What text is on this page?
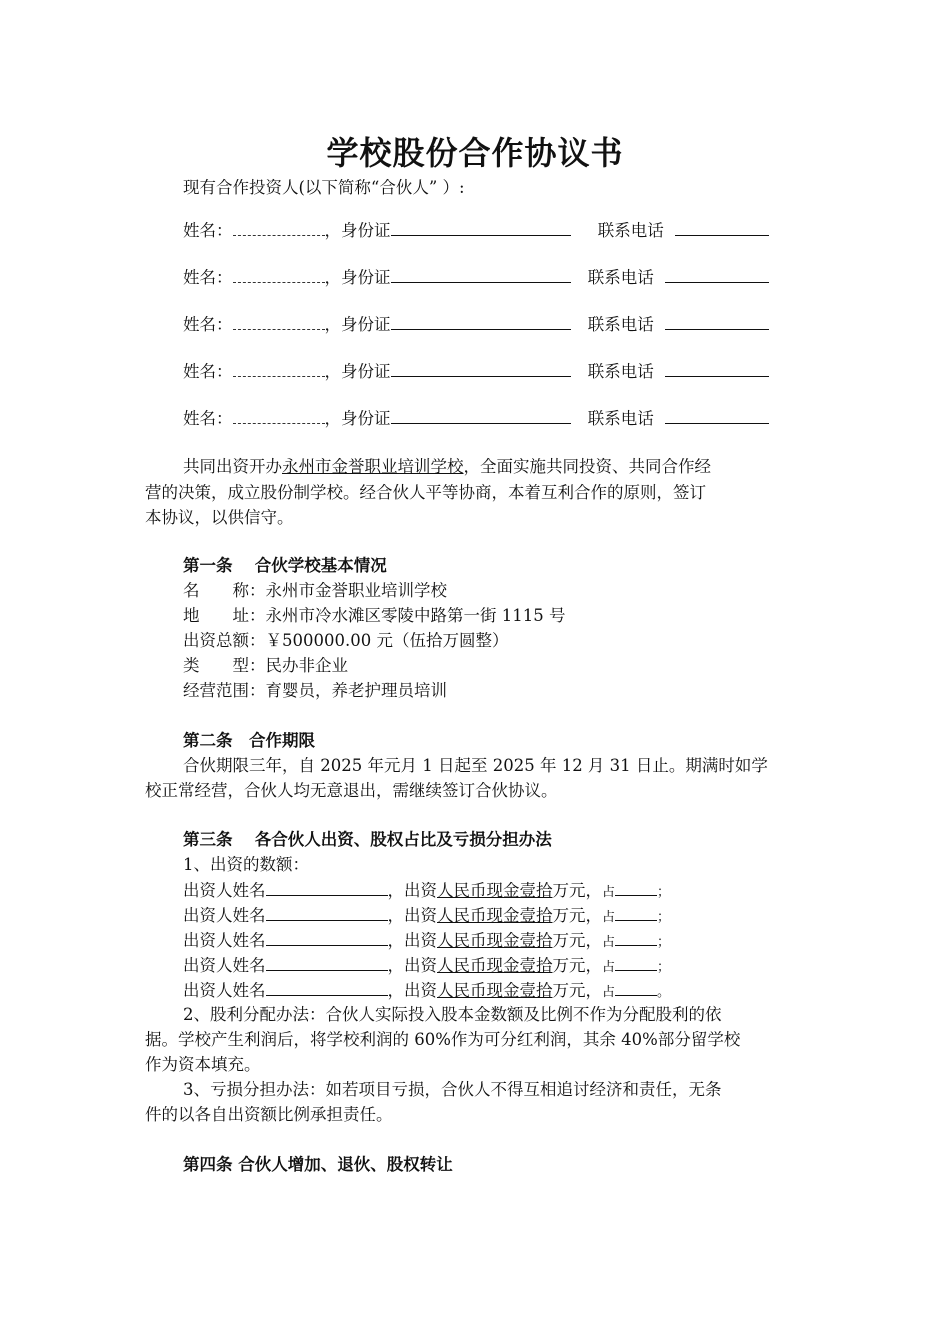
学校股份合作协议书
现有合作投资人(以下简称“合伙人” ）:
姓名：	，身份证	联系电话
姓名：	，身份证	联系电话
姓名：	，身份证	联系电话
姓名：	，身份证	联系电话
姓名：	，身份证	联系电话
共同出资开办永州市金誉职业培训学校，全面实施共同投资、共同合作经
营的决策，成立股份制学校。经合伙人平等协商，本着互利合作的原则，签订
本协议，以供信守。
第一条　 合伙学校基本情况
名　　称：永州市金誉职业培训学校
地　　址：永州市冷水滩区零陵中路第一街 1115 号
出资总额：￥500000.00 元（伍拾万圆整）
类　　型：民办非企业
经营范围：育婴员，养老护理员培训
第二条　合作期限
合伙期限三年，自 2025 年元月 1 日起至 2025 年 12 月 31 日止。期满时如学
校正常经营，合伙人均无意退出，需继续签订合伙协议。
第三条　 各合伙人出资、股权占比及亏损分担办法
1、出资的数额：
出资人姓名	，出资人民币现金壹拾万元，占	；
出资人姓名	，出资人民币现金壹拾万元，占	；
出资人姓名	，出资人民币现金壹拾万元，占	；
出资人姓名	，出资人民币现金壹拾万元，占	；
出资人姓名	，出资人民币现金壹拾万元，占	。
2、股利分配办法：合伙人实际投入股本金数额及比例不作为分配股利的依
据。学校产生利润后，将学校利润的 60%作为可分红利润，其余 40%部分留学校
作为资本填充。
3、亏损分担办法：如若项目亏损，合伙人不得互相追讨经济和责任，无条
件的以各自出资额比例承担责任。
第四条 合伙人增加、退伙、股权转让
